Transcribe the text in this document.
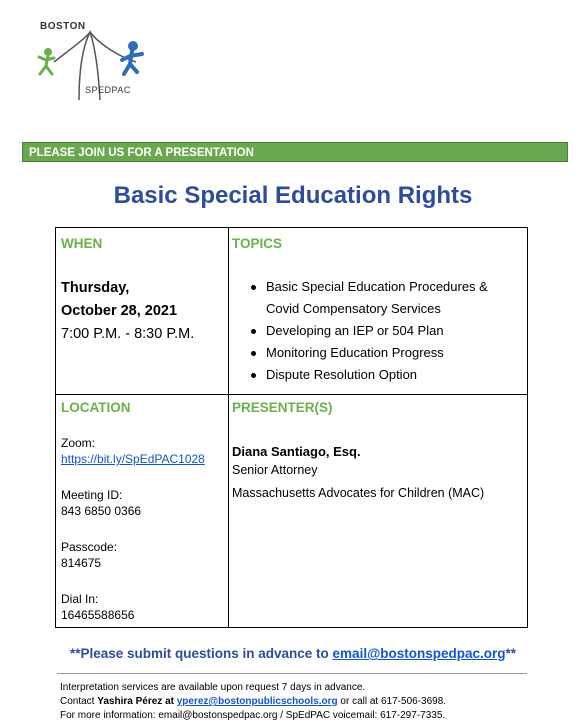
BOSTON
SPEDPAC
PLEASE JOIN US FOR A PRESENTATION
Basic Special Education Rights
WHEN
Thursday,
October 28, 2021
7:00 P.M. - 8:30 P.M.
TOPICS
Basic Special Education Procedures &
Covid Compensatory Services
Developing an IEP or 504 Plan
Monitoring Education Progress
Dispute Resolution Option
LOCATION
Zoom:
https://bit.ly/SpEdPAC1028
Meeting ID:
843 6850 0366
Passcode:
814675
Dial In:
16465588656
PRESENTER(S)
Diana Santiago, Esq.
Senior Attorney
Massachusetts Advocates for Children (MAC)
**Please submit questions in advance to email@bostonspedpac.org**
Interpretation services are available upon request 7 days in advance.
Contact Yashira Pérez at yperez@bostonpublicschools.org or call at 617-506-3698.
For more information: email@bostonspedpac.org / SpEdPAC voicemail: 617-297-7335.
